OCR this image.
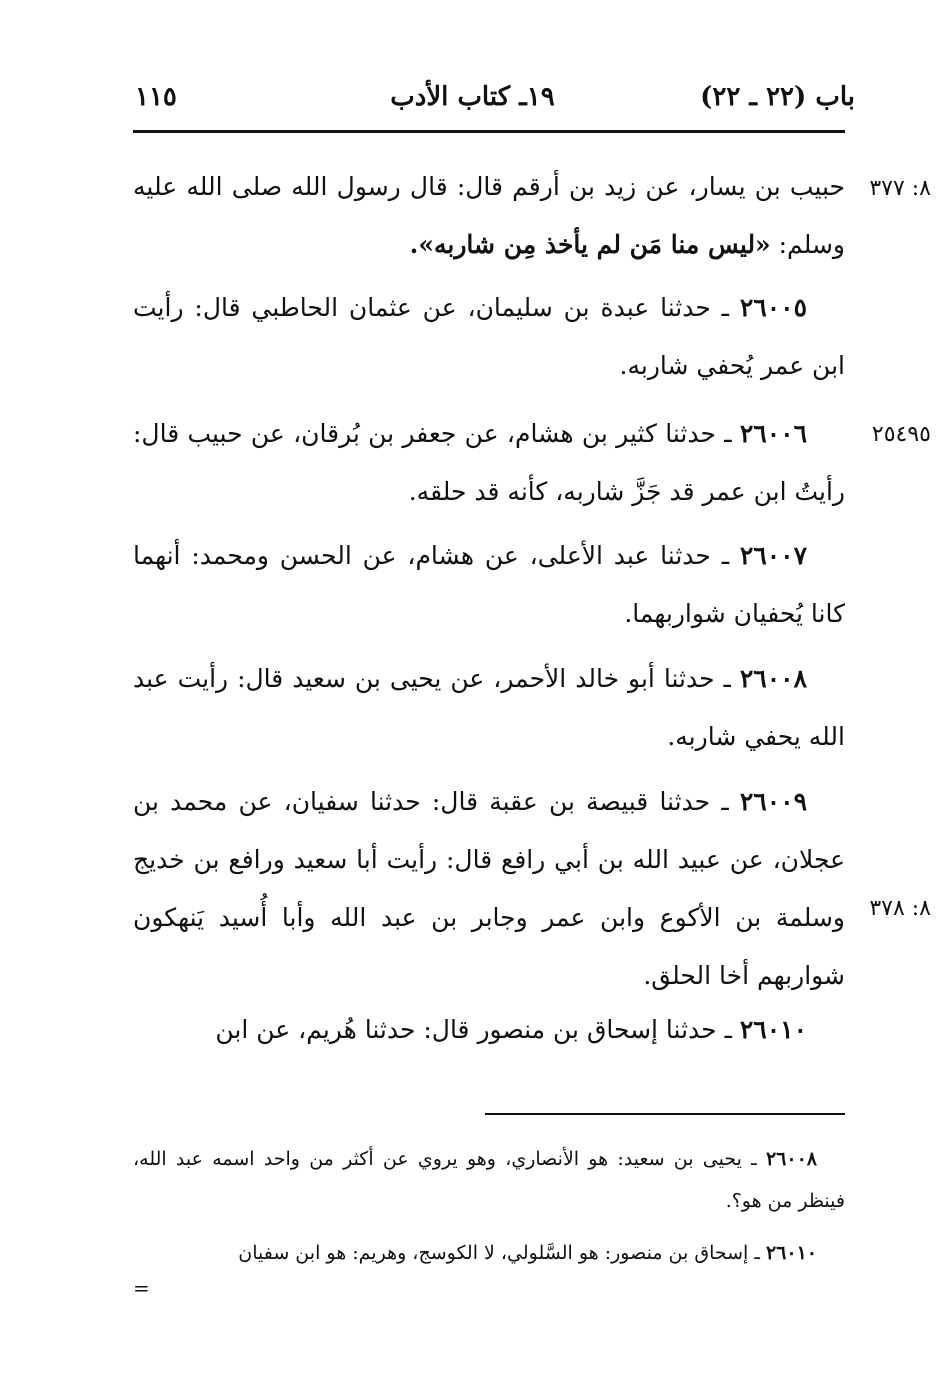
باب (٢٢ ـ ٢٢)
١٩ـ كتاب الأدب
١١٥
٨: ٣٧٧
٢٥٤٩٥
٨: ٣٧٨
حبيب بن يسار، عن زيد بن أرقم قال: قال رسول الله صلى الله عليه وسلم: «ليس منا مَن لم يأخذ مِن شاربه».
٢٦٠٠٥ ـ حدثنا عبدة بن سليمان، عن عثمان الحاطبي قال: رأيت ابن عمر يُحفي شاربه.
٢٦٠٠٦ ـ حدثنا كثير بن هشام، عن جعفر بن بُرقان، عن حبيب قال: رأيتُ ابن عمر قد جَزَّ شاربه، كأنه قد حلقه.
٢٦٠٠٧ ـ حدثنا عبد الأعلى، عن هشام، عن الحسن ومحمد: أنهما كانا يُحفيان شواربهما.
٢٦٠٠٨ ـ حدثنا أبو خالد الأحمر، عن يحيى بن سعيد قال: رأيت عبد الله يحفي شاربه.
٢٦٠٠٩ ـ حدثنا قبيصة بن عقبة قال: حدثنا سفيان، عن محمد بن عجلان، عن عبيد الله بن أبي رافع قال: رأيت أبا سعيد ورافع بن خديج وسلمة بن الأكوع وابن عمر وجابر بن عبد الله وأبا أُسيد يَنهكون شواربهم أخا الحلق.
٢٦٠١٠ ـ حدثنا إسحاق بن منصور قال: حدثنا هُريم، عن ابن
٢٦٠٠٨ ـ يحيى بن سعيد: هو الأنصاري، وهو يروي عن أكثر من واحد اسمه عبد الله، فينظر من هو؟.
٢٦٠١٠ ـ إسحاق بن منصور: هو السَّلولي، لا الكوسج، وهريم: هو ابن سفيان
=
